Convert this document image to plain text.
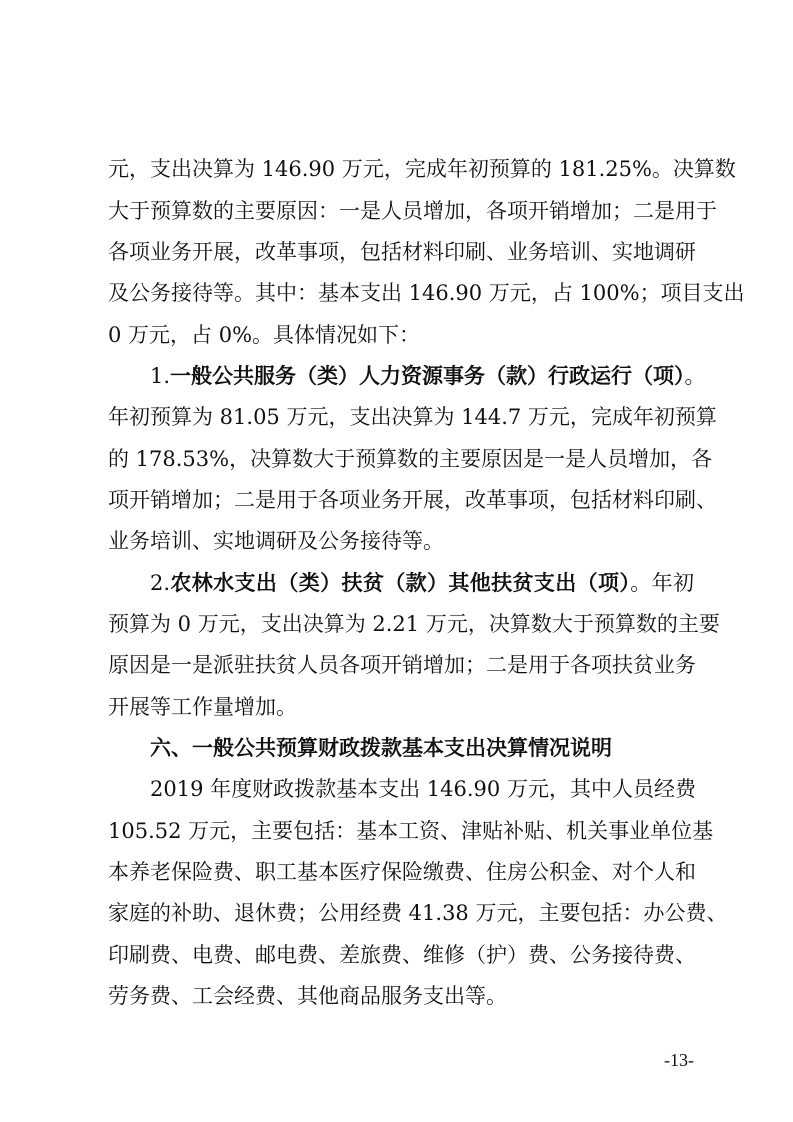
元，支出决算为 146.90 万元，完成年初预算的 181.25%。决算数
大于预算数的主要原因：一是人员增加，各项开销增加；二是用于
各项业务开展，改革事项，包括材料印刷、业务培训、实地调研
及公务接待等。其中：基本支出 146.90 万元，占 100%；项目支出
0 万元，占 0%。具体情况如下：
1.一般公共服务（类）人力资源事务（款）行政运行（项）。
年初预算为 81.05 万元，支出决算为 144.7 万元，完成年初预算
的 178.53%，决算数大于预算数的主要原因是一是人员增加，各
项开销增加；二是用于各项业务开展，改革事项，包括材料印刷、
业务培训、实地调研及公务接待等。
2.农林水支出（类）扶贫（款）其他扶贫支出（项）。年初
预算为 0 万元，支出决算为 2.21 万元，决算数大于预算数的主要
原因是一是派驻扶贫人员各项开销增加；二是用于各项扶贫业务
开展等工作量增加。
六、一般公共预算财政拨款基本支出决算情况说明
2019 年度财政拨款基本支出 146.90 万元，其中人员经费
105.52 万元，主要包括：基本工资、津贴补贴、机关事业单位基
本养老保险费、职工基本医疗保险缴费、住房公积金、对个人和
家庭的补助、退休费；公用经费 41.38 万元，主要包括：办公费、
印刷费、电费、邮电费、差旅费、维修（护）费、公务接待费、
劳务费、工会经费、其他商品服务支出等。
-13-
